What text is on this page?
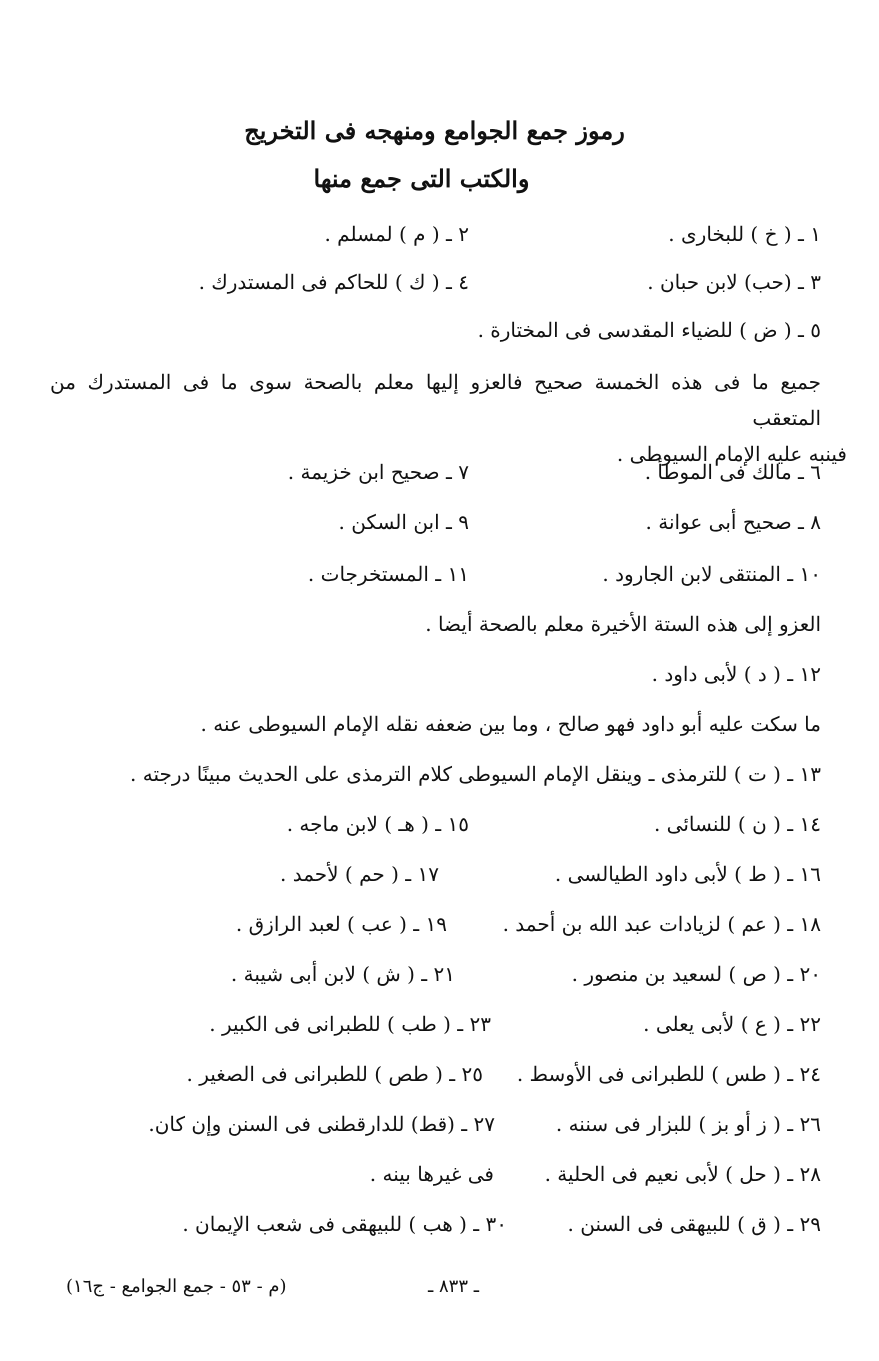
رموز جمع الجوامع ومنهجه فى التخريج
والكتب التى جمع منها
١ ـ ( خ ) للبخارى .
٢ ـ ( م ) لمسلم .
٣ ـ (حب) لابن حبان .
٤ ـ ( ك ) للحاكم فى المستدرك .
٥ ـ ( ض ) للضياء المقدسى فى المختارة .
جميع ما فى هذه الخمسة صحيح فالعزو إليها معلم بالصحة سوى ما فى المستدرك من المتعقب
فينبه عليه الإمام السيوطى .
٦ ـ مالك فى الموطأ .
٧ ـ صحيح ابن خزيمة .
٨ ـ صحيح أبى عوانة .
٩ ـ ابن السكن .
١٠ ـ المنتقى لابن الجارود .
١١ ـ المستخرجات .
العزو إلى هذه الستة الأخيرة معلم بالصحة أيضا .
١٢ ـ ( د ) لأبى داود .
ما سكت عليه أبو داود فهو صالح ، وما بين ضعفه نقله الإمام السيوطى عنه .
١٣ ـ ( ت ) للترمذى ـ وينقل الإمام السيوطى كلام الترمذى على الحديث مبينًا درجته .
١٤ ـ ( ن ) للنسائى .
١٥ ـ ( هـ ) لابن ماجه .
١٦ ـ ( ط ) لأبى داود الطيالسى .
١٧ ـ ( حم ) لأحمد .
١٨ ـ ( عم ) لزيادات عبد الله بن أحمد .
١٩ ـ ( عب ) لعبد الرازق .
٢٠ ـ ( ص ) لسعيد بن منصور .
٢١ ـ ( ش ) لابن أبى شيبة .
٢٢ ـ ( ع ) لأبى يعلى .
٢٣ ـ ( طب ) للطبرانى فى الكبير .
٢٤ ـ ( طس ) للطبرانى فى الأوسط .
٢٥ ـ ( طص ) للطبرانى فى الصغير .
٢٦ ـ ( ز أو بز ) للبزار فى سننه .
٢٧ ـ (قط) للدارقطنى فى السنن وإن كان.
٢٨ ـ ( حل ) لأبى نعيم فى الحلية .
فى غيرها بينه .
٢٩ ـ ( ق ) للبيهقى فى السنن .
٣٠ ـ ( هب ) للبيهقى فى شعب الإيمان .
ـ ٨٣٣ ـ
(م - ٥٣ - جمع الجوامع - ج١٦)
